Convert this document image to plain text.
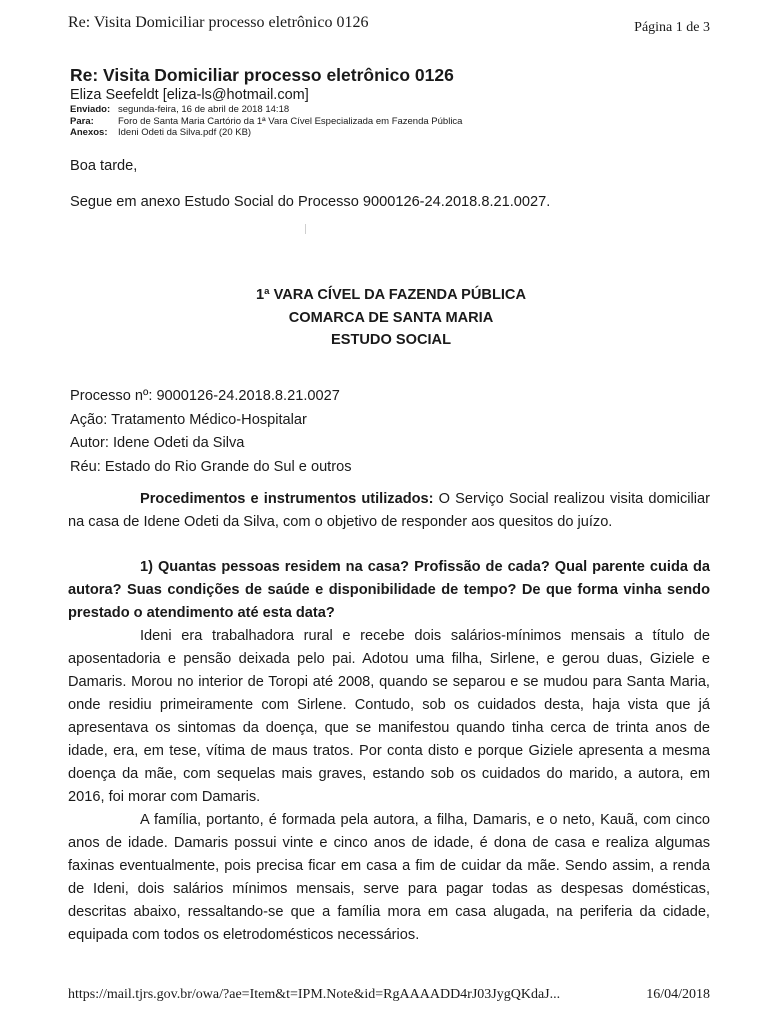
Re: Visita Domiciliar processo eletrônico 0126	Página 1 de 3
Re: Visita Domiciliar processo eletrônico 0126
Eliza Seefeldt [eliza-ls@hotmail.com]
Enviado: segunda-feira, 16 de abril de 2018 14:18
Para:	Foro de Santa Maria Cartório da 1ª Vara Cível Especializada em Fazenda Pública
Anexos: Ideni Odeti da Silva.pdf (20 KB)
Boa tarde,
Segue em anexo Estudo Social do Processo 9000126-24.2018.8.21.0027.
1ª VARA CÍVEL DA FAZENDA PÚBLICA
COMARCA DE SANTA MARIA
ESTUDO SOCIAL
Processo nº: 9000126-24.2018.8.21.0027
Ação: Tratamento Médico-Hospitalar
Autor: Idene Odeti da Silva
Réu: Estado do Rio Grande do Sul e outros

Procedimentos e instrumentos utilizados: O Serviço Social realizou visita domiciliar na casa de Idene Odeti da Silva, com o objetivo de responder aos quesitos do juízo.

1) Quantas pessoas residem na casa? Profissão de cada? Qual parente cuida da autora? Suas condições de saúde e disponibilidade de tempo? De que forma vinha sendo prestado o atendimento até esta data?

Ideni era trabalhadora rural e recebe dois salários-mínimos mensais a título de aposentadoria e pensão deixada pelo pai. Adotou uma filha, Sirlene, e gerou duas, Giziele e Damaris. Morou no interior de Toropi até 2008, quando se separou e se mudou para Santa Maria, onde residiu primeiramente com Sirlene. Contudo, sob os cuidados desta, haja vista que já apresentava os sintomas da doença, que se manifestou quando tinha cerca de trinta anos de idade, era, em tese, vítima de maus tratos. Por conta disto e porque Giziele apresenta a mesma doença da mãe, com sequelas mais graves, estando sob os cuidados do marido, a autora, em 2016, foi morar com Damaris.

A família, portanto, é formada pela autora, a filha, Damaris, e o neto, Kauã, com cinco anos de idade. Damaris possui vinte e cinco anos de idade, é dona de casa e realiza algumas faxinas eventualmente, pois precisa ficar em casa a fim de cuidar da mãe. Sendo assim, a renda de Ideni, dois salários mínimos mensais, serve para pagar todas as despesas domésticas, descritas abaixo, ressaltando-se que a família mora em casa alugada, na periferia da cidade, equipada com todos os eletrodomésticos necessários.

https://mail.tjrs.gov.br/owa/?ae=Item&t=IPM.Note&id=RgAAAADD4rJ03JygQKdaJ...	16/04/2018
